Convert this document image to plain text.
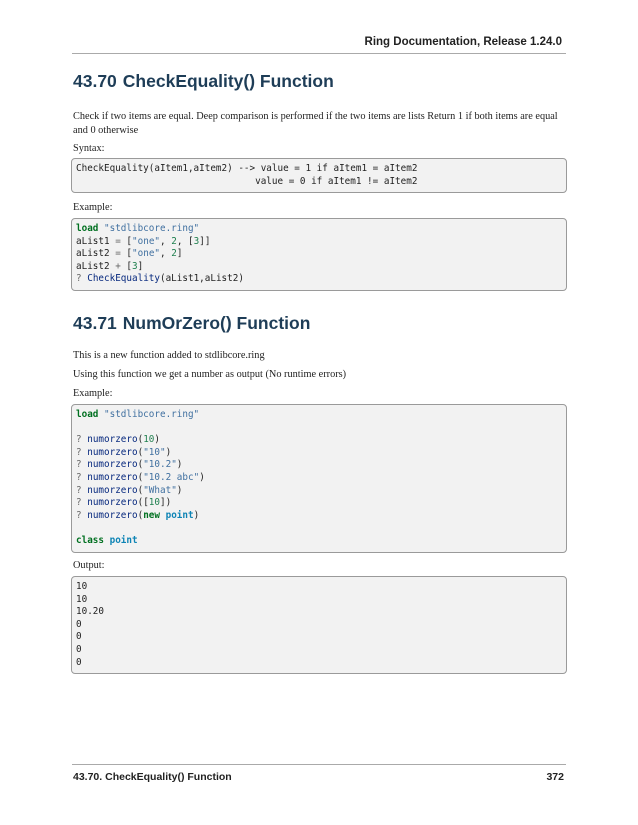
Ring Documentation, Release 1.24.0
43.70 CheckEquality() Function

Check if two items are equal. Deep comparison is performed if the two items are lists Return 1 if both items are equal and 0 otherwise

Syntax:

CheckEquality(aItem1,aItem2) --> value = 1 if aItem1 = aItem2
value = 0 if aItem1 != aItem2

Example:

load "stdlibcore.ring"
aList1 = ["one", 2, [3]]
aList2 = ["one", 2]
aList2 + [3]
? CheckEquality(aList1,aList2)
43.71 NumOrZero() Function

This is a new function added to stdlibcore.ring

Using this function we get a number as output (No runtime errors)

Example:

load "stdlibcore.ring"

? numorzero(10)
? numorzero("10")
? numorzero("10.2")
? numorzero("10.2 abc")
? numorzero("What")
? numorzero([10])
? numorzero(new point)

class point

Output:

10
10
10.20
0
0
0
0
43.70. CheckEquality() Function	372
